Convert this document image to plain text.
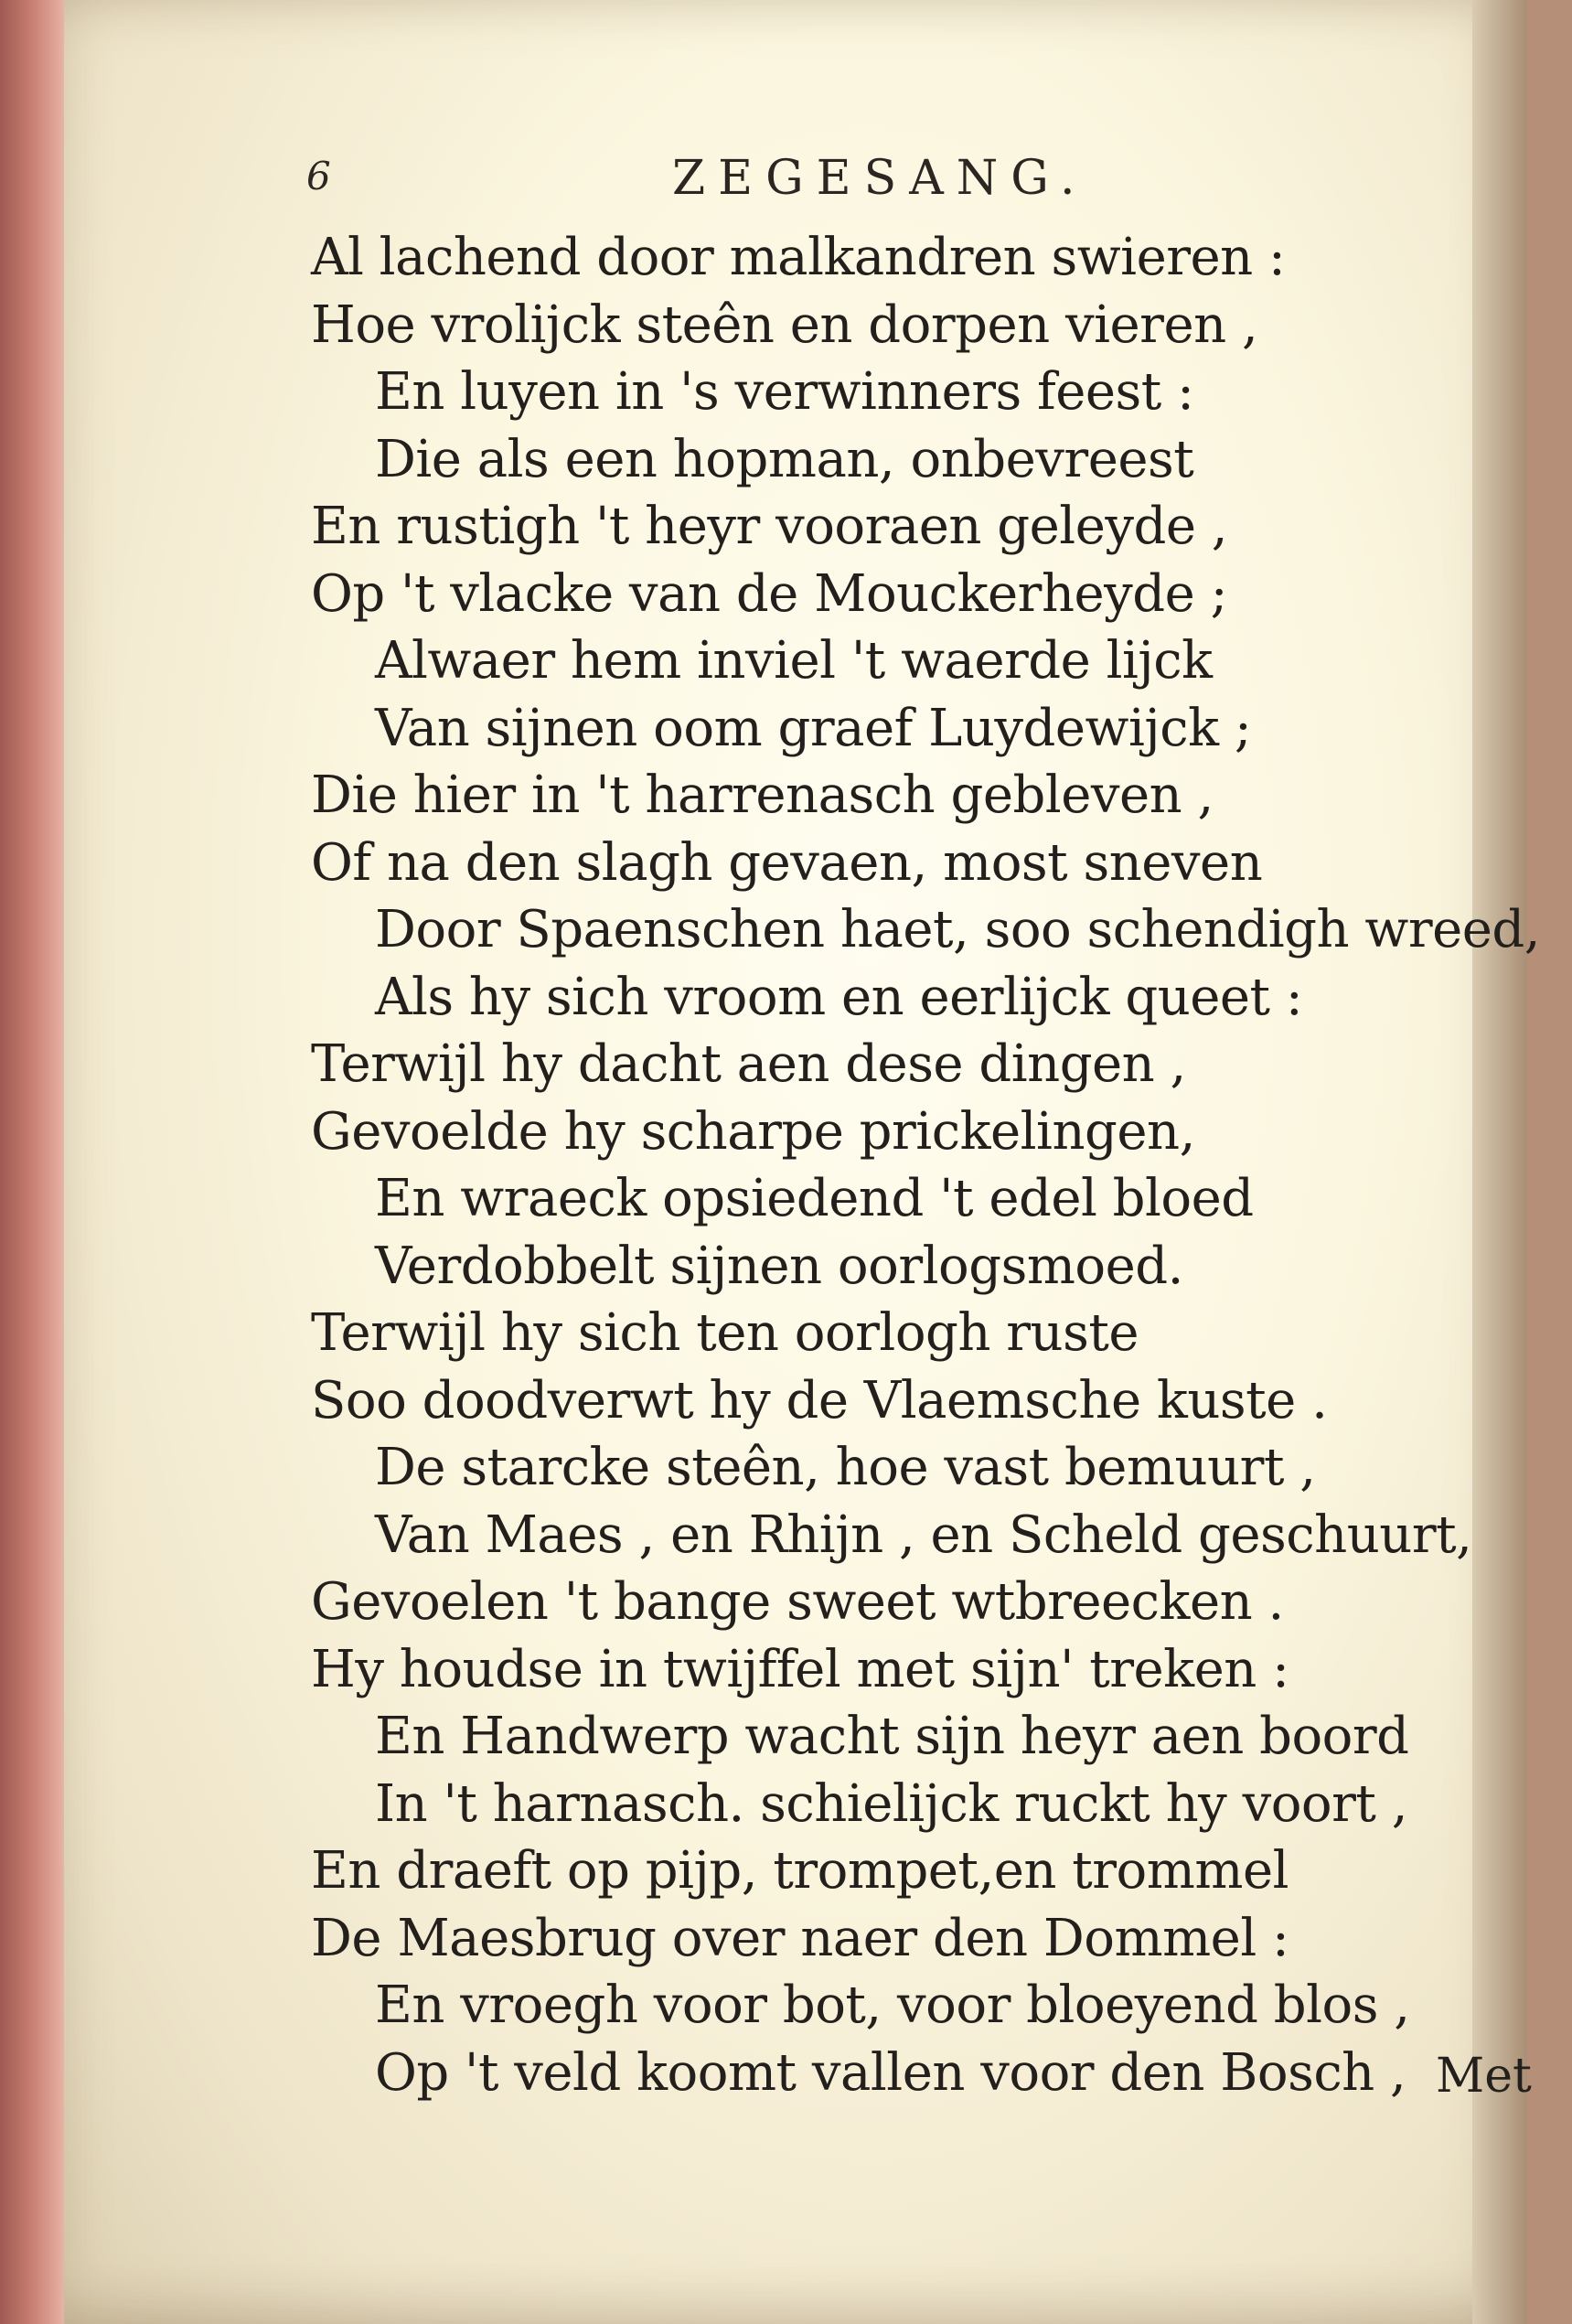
6	ZEGESANG.
Al lachend door malkandren swieren :
Hoe vrolijck steên en dorpen vieren ,
En luyen in 's verwinners feest :
Die als een hopman, onbevreest
En rustigh 't heyr vooraen geleyde ,
Op 't vlacke van de Mouckerheyde ;
Alwaer hem inviel 't waerde lijck
Van sijnen oom graef Luydewijck ;
Die hier in 't harrenasch gebleven ,
Of na den slagh gevaen, most sneven
Door Spaenschen haet, soo schendigh wreed,
Als hy sich vroom en eerlijck queet :
Terwijl hy dacht aen dese dingen ,
Gevoelde hy scharpe prickelingen,
En wraeck opsiedend 't edel bloed
Verdobbelt sijnen oorlogsmoed.
Terwijl hy sich ten oorlogh ruste
Soo doodverwt hy de Vlaemsche kuste .
De starcke steên, hoe vast bemuurt ,
Van Maes , en Rhijn , en Scheld geschuurt,
Gevoelen 't bange sweet wtbreecken .
Hy houdse in twijffel met sijn' treken :
En Handwerp wacht sijn heyr aen boord
In 't harnasch. schielijck ruckt hy voort ,
En draeft op pijp, trompet,en trommel
De Maesbrug over naer den Dommel :
En vroegh voor bot, voor bloeyend blos ,
Op 't veld koomt vallen voor den Bosch , Met
